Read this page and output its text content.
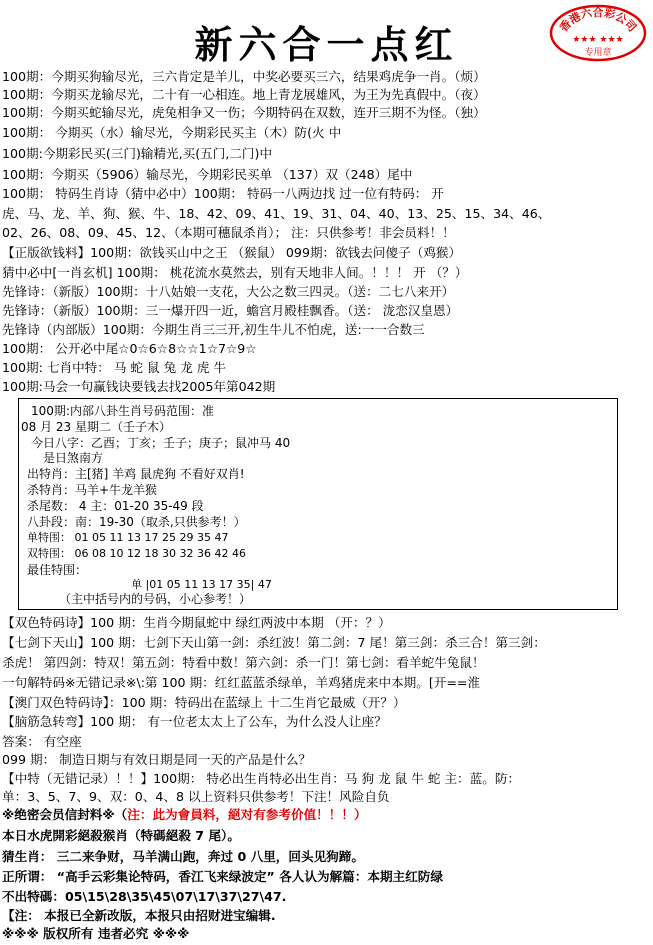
新六合一点红	香港六合彩公司
★★★ ★★★
专用章
100期：今期买狗输尽光，三六肯定是羊儿，中奖必要买三六，结果鸡虎争一肖。（烦）
100期：今期买龙输尽光，二十有一心相连。地上青龙展雄风，为王为先真假中。（夜）
100期：今期买蛇输尽光，虎兔相争又一伤；今期特码在双数，连开三期不为怪。（独）
100期： 今期买（水）输尽光，今期彩民买主（木）防(火 中
100期:今期彩民买(三门)输精光,买(五门,二门)中
100期：今期买（5906）输尽光，今期彩民买单 （137）双（248）尾中
100期： 特码生肖诗（猜中必中）100期： 特码一八两边找 过一位有特码： 开
虎、马、龙、羊、狗、猴、牛、18、42、09、41、19、31、04、40、13、25、15、34、46、
02、26、08、09、45、12、（本期可穗鼠杀肖）； 注：只供参考！非会员料！！
【正版欲钱料】100期：欲钱买山中之王 （猴鼠） 099期：欲钱去问傻子（鸡猴）
猜中必中[一肖玄机] 100期： 桃花流水莫然去，别有天地非人间。！！！ 开 （？）
先锋诗：（新版）100期：十八姑娘一支花，大公之数三四灵。（送：二七八来开）
先锋诗：（新版）100期：三一爆开四一近，蟾宫月殿桂飘香。（送： 泷恋汉皇恩）
先锋诗（内部版）100期：今期生肖三三开,初生牛儿不怕虎，送:一一合数三
100期： 公开必中尾☆0☆6☆8☆☆1☆7☆9☆
100期: 七肖中特： 马 蛇 鼠 兔 龙 虎 牛
100期:马会一句赢钱诀要钱去找2005年第042期
100期:内部八卦生肖号码范围：准
08 月 23 星期二（壬子木）
今日八字：乙酉；丁亥；壬子；庚子；鼠冲马 40
是日煞南方
出特肖：主[猪] 羊鸡 鼠虎狗 不看好双肖!
杀特肖：马羊+牛龙羊猴
杀尾数： 4 主：01-20 35-49 段
八卦段：南：19-30（取杀,只供参考！）
单特围： 01 05 11 13 17 25 29 35 47
双特围： 06 08 10 12 18 30 32 36 42 46
最佳特围：
单 |01 05 11 13 17 35| 47
（主中括号内的号码，小心参考！）
【双色特码诗】100 期：生肖今期鼠蛇中 绿红两波中本期 （开：？）
【七剑下天山】100 期：七剑下天山第一剑：杀红波！第二剑：7 尾！第三剑：杀三合！第三剑：
杀虎！ 第四剑：特双！第五剑：特看中数！第六剑：杀一门！第七剑：看羊蛇牛兔鼠！
一句解特码※无错记录※\:第 100 期：红红蓝蓝杀绿单，羊鸡猪虎来中本期。[开==淮
【澳门双色特码诗】：100 期：特码出在蓝绿上 十二生肖它最威（开？）
【脑筋急转弯】100 期： 有一位老太太上了公车，为什么没人让座？
答案： 有空座
099 期： 制造日期与有效日期是同一天的产品是什么？
【中特（无错记录）！！】100期： 特必出生肖特必出生肖：马 狗 龙 鼠 牛 蛇 主：蓝。防：
单：3、5、7、9、双：0、4、8 以上资料只供参考！下注！风险自负
※绝密会员信封料※（注：此为會員料，絕对有参考价值！！！）
本日水虎開彩絕殺猴肖（特碼絕殺 7 尾）。
猜生肖： 三二来争财，马羊满山跑，奔过 0 八里，回头见狗蹄。
正所谓： “高手云彩集论特码，香江飞来绿波定” 各人认为解篇：本期主红防绿
不出特碼：05\15\28\35\45\07\17\37\27\47.
【注： 本报已全新改版，本报只由招财进宝编辑.
※※※ 版权所有 违者必究 ※※※
